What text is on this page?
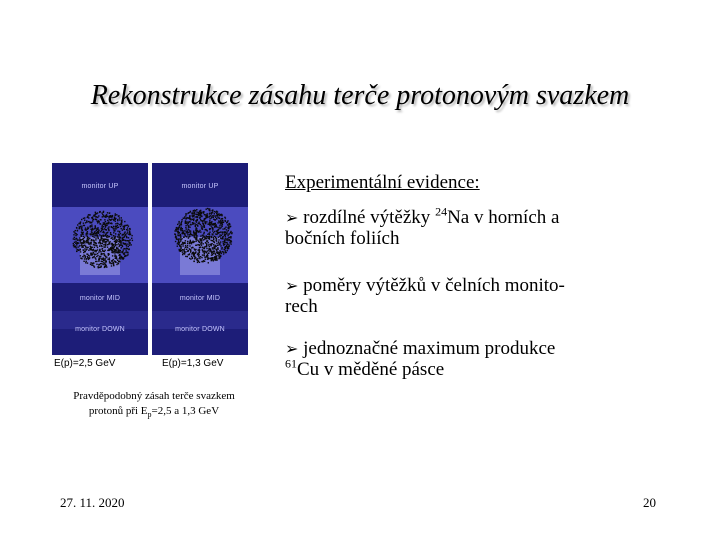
Rekonstrukce zásahu terče protonovým svazkem
monitor UP
monitor MID
monitor DOWN
monitor UP
monitor MID
monitor DOWN
E(p)=2,5 GeV	E(p)=1,3 GeV
Pravděpodobný zásah terče svazkem
protonů při $E_p=2,5$ a 1,3 GeV
Experimentální evidence:
➢ rozdílné výtěžky $^{24}$Na v horních a
bočních foliích
➢ poměry výtěžků v čelních monito-
rech
➢ jednoznačné maximum produkce
$^{61}$Cu v měděné pásce
27. 11. 2020	20
